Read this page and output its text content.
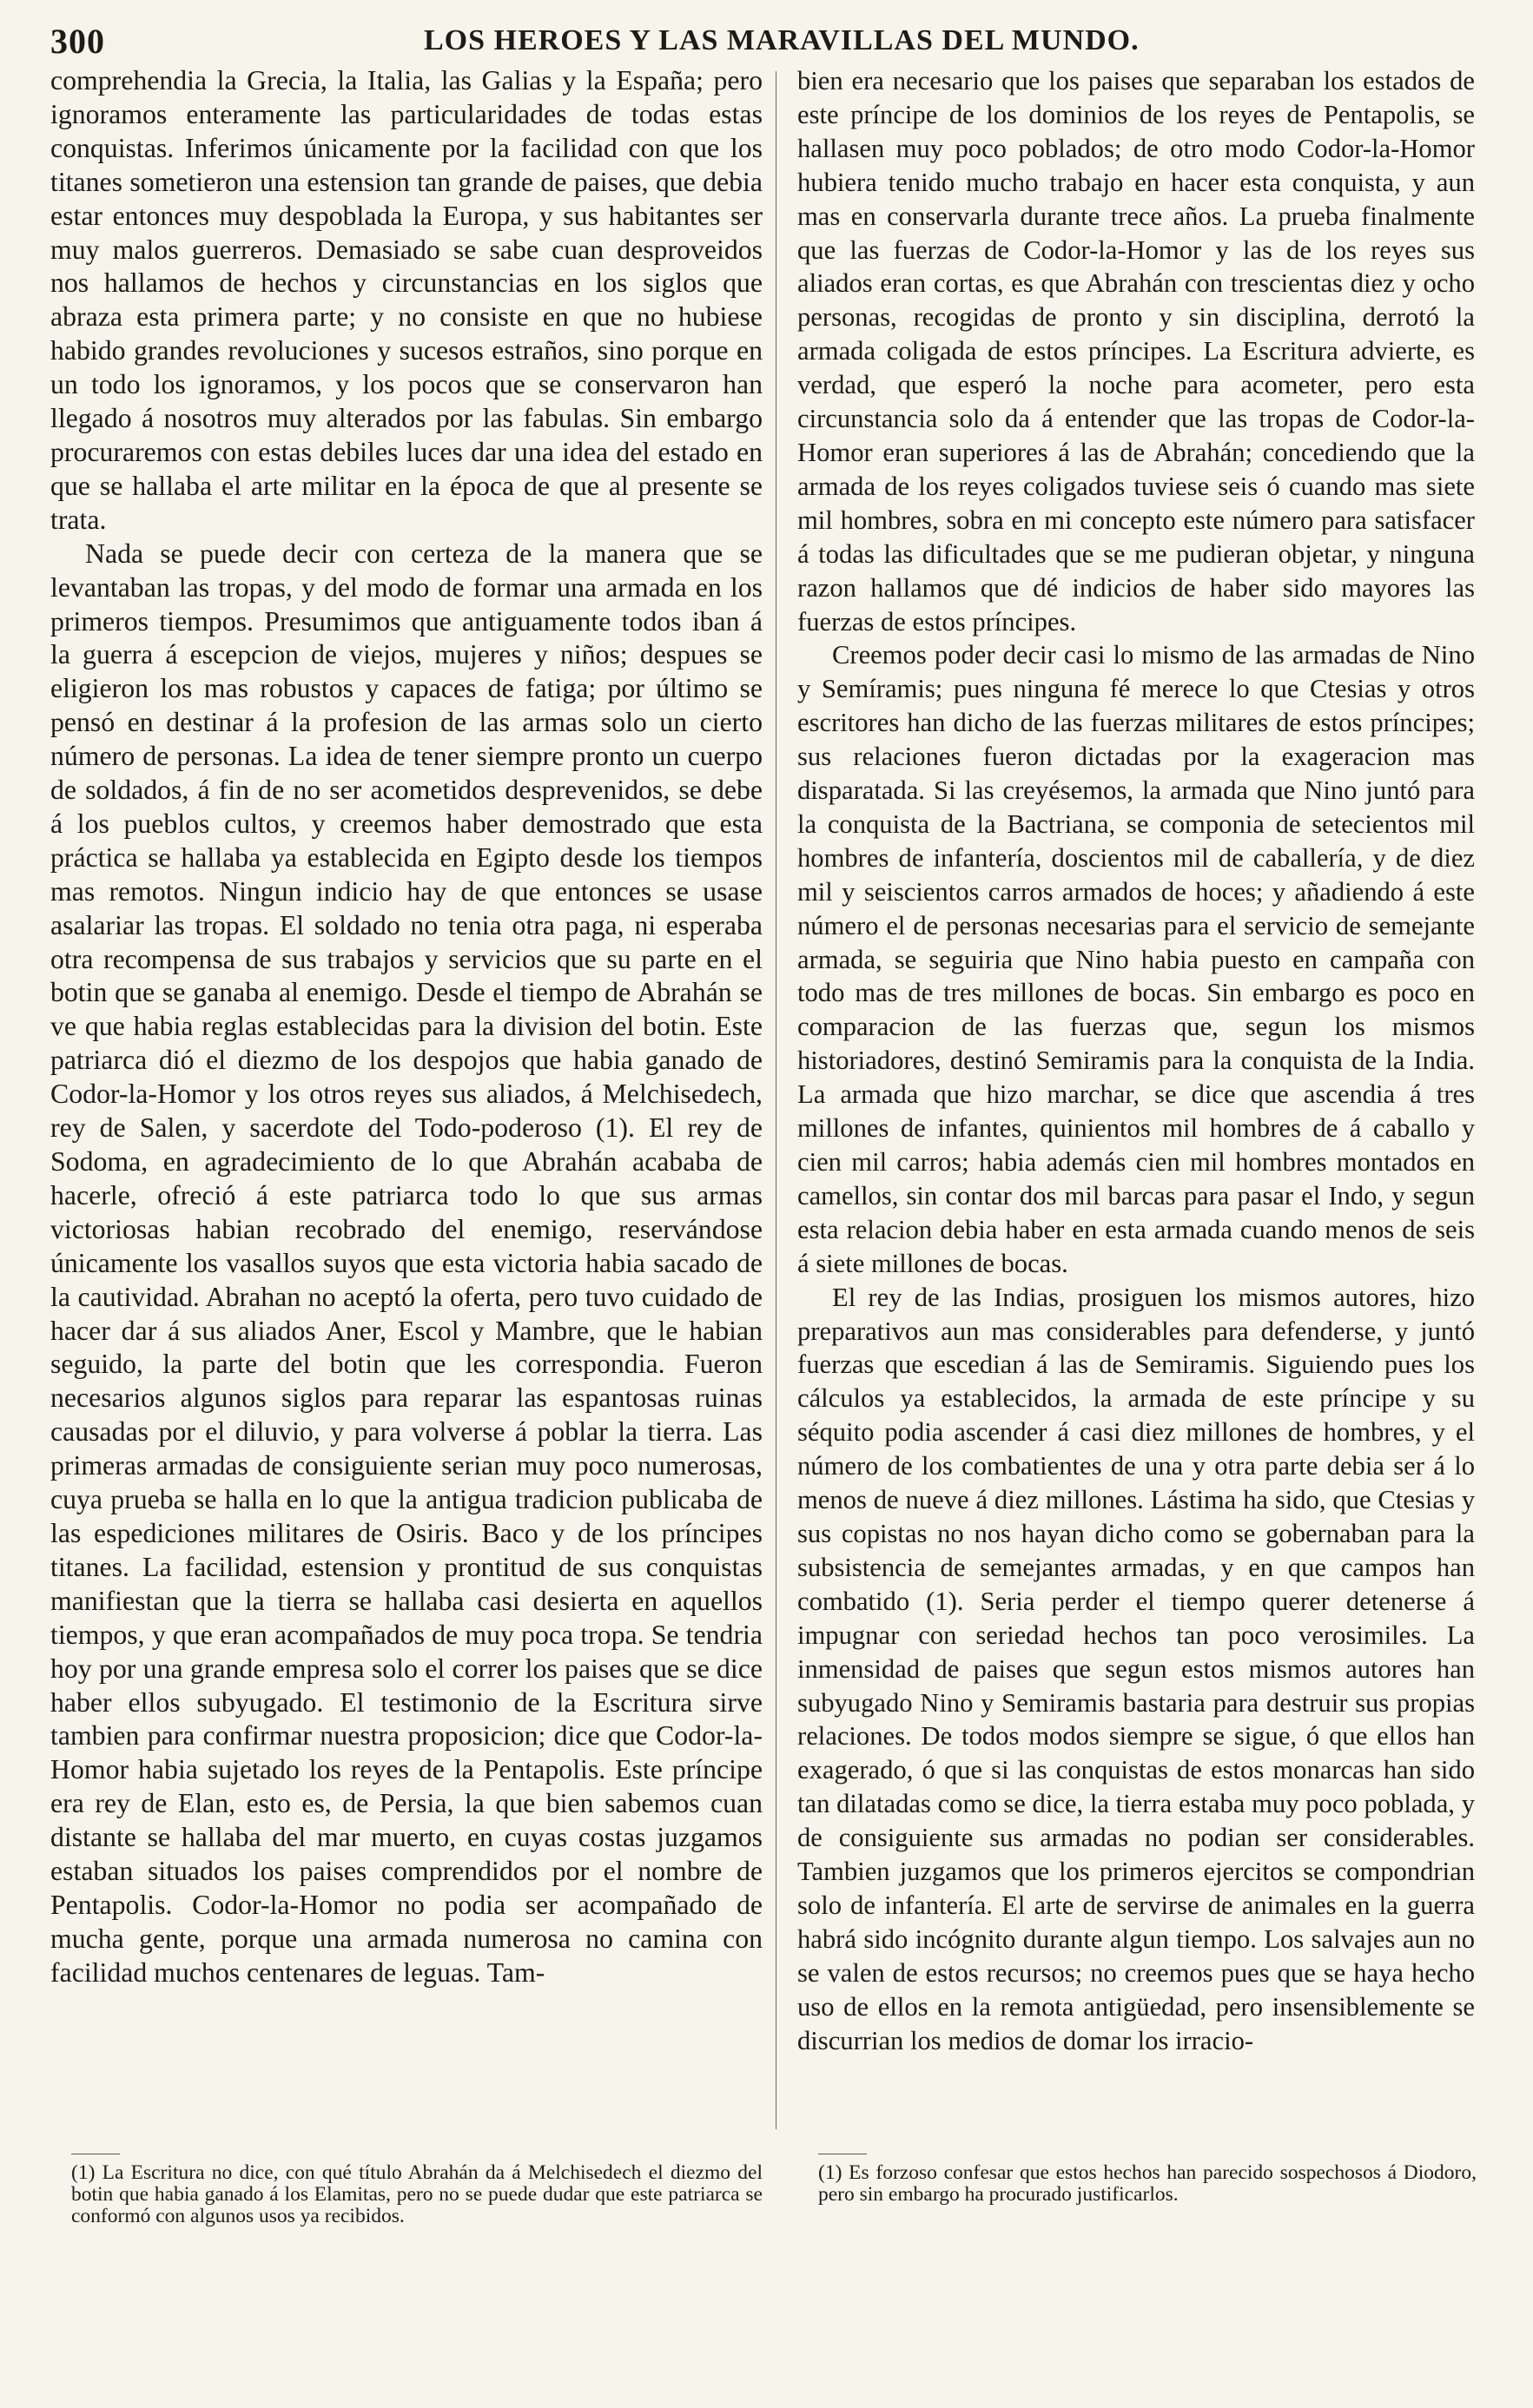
300	LOS HEROES Y LAS MARAVILLAS DEL MUNDO.

comprehendia la Grecia, la Italia, las Galias y la España; pero ignoramos enteramente las particularidades de todas estas conquistas. Inferimos únicamente por la facilidad con que los titanes sometieron una estension tan grande de paises, que debia estar entonces muy despoblada la Europa, y sus habitantes ser muy malos guerreros. Demasiado se sabe cuan desproveidos nos hallamos de hechos y circunstancias en los siglos que abraza esta primera parte; y no consiste en que no hubiese habido grandes revoluciones y sucesos estraños, sino porque en un todo los ignoramos, y los pocos que se conservaron han llegado á nosotros muy alterados por las fabulas. Sin embargo procuraremos con estas debiles luces dar una idea del estado en que se hallaba el arte militar en la época de que al presente se trata.

Nada se puede decir con certeza de la manera que se levantaban las tropas, y del modo de formar una armada en los primeros tiempos. Presumimos que antiguamente todos iban á la guerra á escepcion de viejos, mujeres y niños; despues se eligieron los mas robustos y capaces de fatiga; por último se pensó en destinar á la profesion de las armas solo un cierto número de personas. La idea de tener siempre pronto un cuerpo de soldados, á fin de no ser acometidos desprevenidos, se debe á los pueblos cultos, y creemos haber demostrado que esta práctica se hallaba ya establecida en Egipto desde los tiempos mas remotos. Ningun indicio hay de que entonces se usase asalariar las tropas. El soldado no tenia otra paga, ni esperaba otra recompensa de sus trabajos y servicios que su parte en el botin que se ganaba al enemigo. Desde el tiempo de Abrahán se ve que habia reglas establecidas para la division del botin. Este patriarca dió el diezmo de los despojos que habia ganado de Codor-la-Homor y los otros reyes sus aliados, á Melchisedech, rey de Salen, y sacerdote del Todo-poderoso (1). El rey de Sodoma, en agradecimiento de lo que Abrahán acababa de hacerle, ofreció á este patriarca todo lo que sus armas victoriosas habian recobrado del enemigo, reservándose únicamente los vasallos suyos que esta victoria habia sacado de la cautividad. Abrahan no aceptó la oferta, pero tuvo cuidado de hacer dar á sus aliados Aner, Escol y Mambre, que le habian seguido, la parte del botin que les correspondia. Fueron necesarios algunos siglos para reparar las espantosas ruinas causadas por el diluvio, y para volverse á poblar la tierra. Las primeras armadas de consiguiente serian muy poco numerosas, cuya prueba se halla en lo que la antigua tradicion publicaba de las espediciones militares de Osiris. Baco y de los príncipes titanes. La facilidad, estension y prontitud de sus conquistas manifiestan que la tierra se hallaba casi desierta en aquellos tiempos, y que eran acompañados de muy poca tropa. Se tendria hoy por una grande empresa solo el correr los paises que se dice haber ellos subyugado. El testimonio de la Escritura sirve tambien para confirmar nuestra proposicion; dice que Codor-la-Homor habia sujetado los reyes de la Pentapolis. Este príncipe era rey de Elan, esto es, de Persia, la que bien sabemos cuan distante se hallaba del mar muerto, en cuyas costas juzgamos estaban situados los paises comprendidos por el nombre de Pentapolis. Codor-la-Homor no podia ser acompañado de mucha gente, porque una armada numerosa no camina con facilidad muchos centenares de leguas. Tam-

bien era necesario que los paises que separaban los estados de este príncipe de los dominios de los reyes de Pentapolis, se hallasen muy poco poblados; de otro modo Codor-la-Homor hubiera tenido mucho trabajo en hacer esta conquista, y aun mas en conservarla durante trece años. La prueba finalmente que las fuerzas de Codor-la-Homor y las de los reyes sus aliados eran cortas, es que Abrahán con trescientas diez y ocho personas, recogidas de pronto y sin disciplina, derrotó la armada coligada de estos príncipes. La Escritura advierte, es verdad, que esperó la noche para acometer, pero esta circunstancia solo da á entender que las tropas de Codor-la-Homor eran superiores á las de Abrahán; concediendo que la armada de los reyes coligados tuviese seis ó cuando mas siete mil hombres, sobra en mi concepto este número para satisfacer á todas las dificultades que se me pudieran objetar, y ninguna razon hallamos que dé indicios de haber sido mayores las fuerzas de estos príncipes.

Creemos poder decir casi lo mismo de las armadas de Nino y Semíramis; pues ninguna fé merece lo que Ctesias y otros escritores han dicho de las fuerzas militares de estos príncipes; sus relaciones fueron dictadas por la exageracion mas disparatada. Si las creyésemos, la armada que Nino juntó para la conquista de la Bactriana, se componia de setecientos mil hombres de infantería, doscientos mil de caballería, y de diez mil y seiscientos carros armados de hoces; y añadiendo á este número el de personas necesarias para el servicio de semejante armada, se seguiria que Nino habia puesto en campaña con todo mas de tres millones de bocas. Sin embargo es poco en comparacion de las fuerzas que, segun los mismos historiadores, destinó Semiramis para la conquista de la India. La armada que hizo marchar, se dice que ascendia á tres millones de infantes, quinientos mil hombres de á caballo y cien mil carros; habia además cien mil hombres montados en camellos, sin contar dos mil barcas para pasar el Indo, y segun esta relacion debia haber en esta armada cuando menos de seis á siete millones de bocas.

El rey de las Indias, prosiguen los mismos autores, hizo preparativos aun mas considerables para defenderse, y juntó fuerzas que escedian á las de Semiramis. Siguiendo pues los cálculos ya establecidos, la armada de este príncipe y su séquito podia ascender á casi diez millones de hombres, y el número de los combatientes de una y otra parte debia ser á lo menos de nueve á diez millones. Lástima ha sido, que Ctesias y sus copistas no nos hayan dicho como se gobernaban para la subsistencia de semejantes armadas, y en que campos han combatido (1). Seria perder el tiempo querer detenerse á impugnar con seriedad hechos tan poco verosimiles. La inmensidad de paises que segun estos mismos autores han subyugado Nino y Semiramis bastaria para destruir sus propias relaciones. De todos modos siempre se sigue, ó que ellos han exagerado, ó que si las conquistas de estos monarcas han sido tan dilatadas como se dice, la tierra estaba muy poco poblada, y de consiguiente sus armadas no podian ser considerables. Tambien juzgamos que los primeros ejercitos se compondrian solo de infantería. El arte de servirse de animales en la guerra habrá sido incógnito durante algun tiempo. Los salvajes aun no se valen de estos recursos; no creemos pues que se haya hecho uso de ellos en la remota antigüedad, pero insensiblemente se discurrian los medios de domar los irracio-

(1) La Escritura no dice, con qué título Abrahán da á Melchisedech el diezmo del botin que habia ganado á los Elamitas, pero no se puede dudar que este patriarca se conformó con algunos usos ya recibidos.

(1) Es forzoso confesar que estos hechos han parecido sospechosos á Diodoro, pero sin embargo ha procurado justificarlos.
